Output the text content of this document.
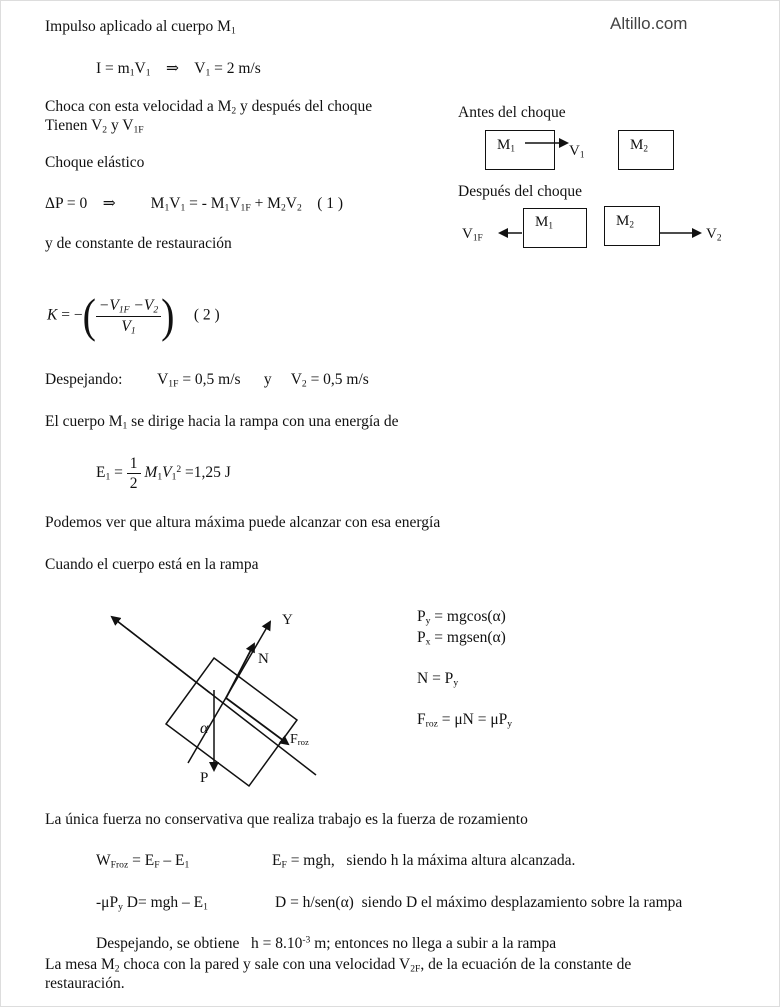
Altillo.com
Impulso aplicado al cuerpo $M_1$
$I = m_1V_1$ ⇒ $V_1 = 2$ m/s
Choca con esta velocidad a $M_2$ y después del choque
Tienen $V_2$ y $V_{1F}$
Choque elástico
ΔP = 0 ⇒ $M_1V_1$ = - $M_1V_{1F} + M_2V_2$ ( 1 )
y de constante de restauración
K = −( $\frac{-V_{1F} -V_2}{V_1}$ ) ( 2 )
Despejando: $V_{1F} = 0,5$ m/s y $V_2 = 0,5$ m/s
El cuerpo $M_1$ se dirige hacia la rampa con una energía de
$E_1 = \frac{1}{2} M_1V_1^2 =1,25$ J
Podemos ver que altura máxima puede alcanzar con esa energía
Cuando el cuerpo está en la rampa
Antes del choque
$M_1$	$V_1$
$M_2$
Después del choque
$M_1$
$V_{1F}$
$M_2$
$V_2$
Y
N
P
α
$F_{roz}$
$P_y = mgcos(\alpha)$
$P_x$ = mgsen(α)
$N = P_y$
$F_{roz} = \mu N = \mu P_y$
La única fuerza no conservativa que realiza trabajo es la fuerza de rozamiento
$W_{Froz} = E_F - E_1$	$E_F$ = mgh, siendo h la máxima altura alcanzada.
$-\mu P_y$ D= mgh – $E_1$	D = h/sen(α) siendo D el máximo desplazamiento sobre la rampa
Despejando, se obtiene $h = 8.10^{-3}$ m; entonces no llega a subir a la rampa
La mesa $M_2$ choca con la pared y sale con una velocidad $V_{2F}$, de la ecuación de la constante de
restauración.
